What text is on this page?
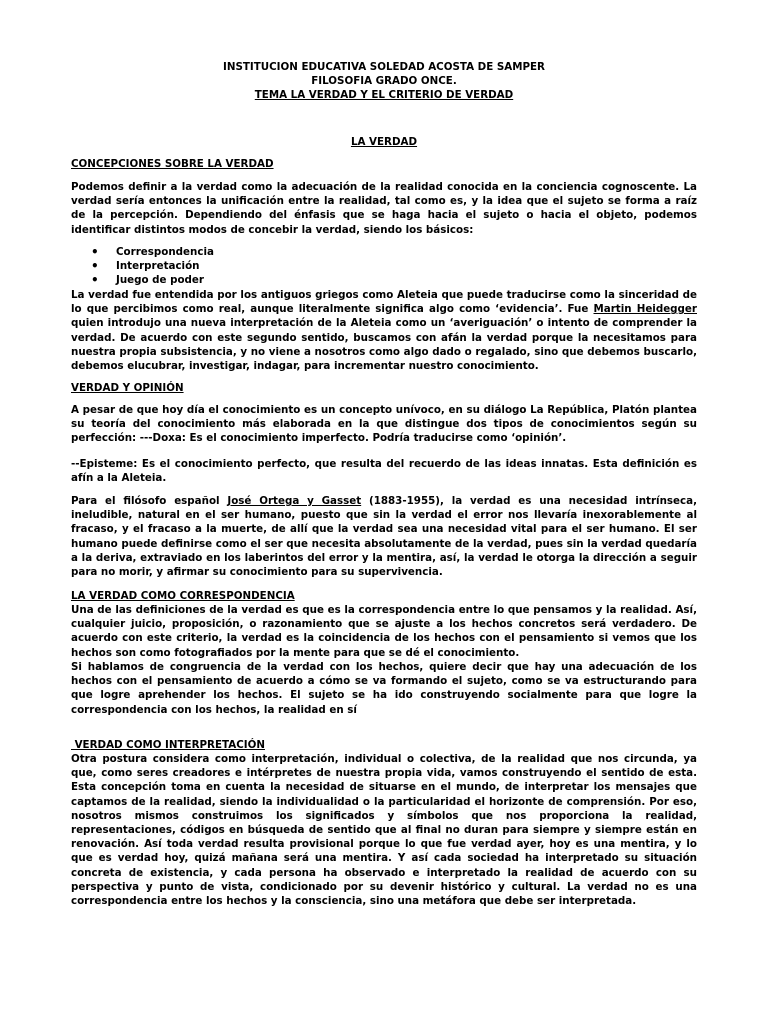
INSTITUCION EDUCATIVA SOLEDAD ACOSTA DE SAMPER
FILOSOFIA GRADO ONCE.
TEMA LA VERDAD Y EL CRITERIO DE VERDAD
LA VERDAD
CONCEPCIONES SOBRE LA VERDAD

Podemos definir a la verdad como la adecuación de la realidad conocida en la conciencia cognoscente. La verdad sería entonces la unificación entre la realidad, tal como es, y la idea que el sujeto se forma a raíz de la percepción. Dependiendo del énfasis que se haga hacia el sujeto o hacia el objeto, podemos identificar distintos modos de concebir la verdad, siendo los básicos:

• Correspondencia
• Interpretación
• Juego de poder

La verdad fue entendida por los antiguos griegos como Aleteia que puede traducirse como la sinceridad de lo que percibimos como real, aunque literalmente significa algo como ‘evidencia’. Fue Martin Heidegger quien introdujo una nueva interpretación de la Aleteia como un ‘averiguación’ o intento de comprender la verdad. De acuerdo con este segundo sentido, buscamos con afán la verdad porque la necesitamos para nuestra propia subsistencia, y no viene a nosotros como algo dado o regalado, sino que debemos buscarlo, debemos elucubrar, investigar, indagar, para incrementar nuestro conocimiento.

VERDAD Y OPINIÓN

A pesar de que hoy día el conocimiento es un concepto unívoco, en su diálogo La República, Platón plantea su teoría del conocimiento más elaborada en la que distingue dos tipos de conocimientos según su perfección: ---Doxa: Es el conocimiento imperfecto. Podría traducirse como ‘opinión’.

--Episteme: Es el conocimiento perfecto, que resulta del recuerdo de las ideas innatas. Esta definición es afín a la Aleteia.

Para el filósofo español José Ortega y Gasset (1883-1955), la verdad es una necesidad intrínseca, ineludible, natural en el ser humano, puesto que sin la verdad el error nos llevaría inexorablemente al fracaso, y el fracaso a la muerte, de allí que la verdad sea una necesidad vital para el ser humano. El ser humano puede definirse como el ser que necesita absolutamente de la verdad, pues sin la verdad quedaría a la deriva, extraviado en los laberintos del error y la mentira, así, la verdad le otorga la dirección a seguir para no morir, y afirmar su conocimiento para su supervivencia.

LA VERDAD COMO CORRESPONDENCIA

Una de las definiciones de la verdad es que es la correspondencia entre lo que pensamos y la realidad. Así, cualquier juicio, proposición, o razonamiento que se ajuste a los hechos concretos será verdadero. De acuerdo con este criterio, la verdad es la coincidencia de los hechos con el pensamiento si vemos que los hechos son como fotografiados por la mente para que se dé el conocimiento.

Si hablamos de congruencia de la verdad con los hechos, quiere decir que hay una adecuación de los hechos con el pensamiento de acuerdo a cómo se va formando el sujeto, como se va estructurando para que logre aprehender los hechos. El sujeto se ha ido construyendo socialmente para que logre la correspondencia con los hechos, la realidad en sí

VERDAD COMO INTERPRETACIÓN

Otra postura considera como interpretación, individual o colectiva, de la realidad que nos circunda, ya que, como seres creadores e intérpretes de nuestra propia vida, vamos construyendo el sentido de esta. Esta concepción toma en cuenta la necesidad de situarse en el mundo, de interpretar los mensajes que captamos de la realidad, siendo la individualidad o la particularidad el horizonte de comprensión. Por eso, nosotros mismos construimos los significados y símbolos que nos proporciona la realidad, representaciones, códigos en búsqueda de sentido que al final no duran para siempre y siempre están en renovación. Así toda verdad resulta provisional porque lo que fue verdad ayer, hoy es una mentira, y lo que es verdad hoy, quizá mañana será una mentira. Y así cada sociedad ha interpretado su situación concreta de existencia, y cada persona ha observado e interpretado la realidad de acuerdo con su perspectiva y punto de vista, condicionado por su devenir histórico y cultural. La verdad no es una correspondencia entre los hechos y la consciencia, sino una metáfora que debe ser interpretada.
